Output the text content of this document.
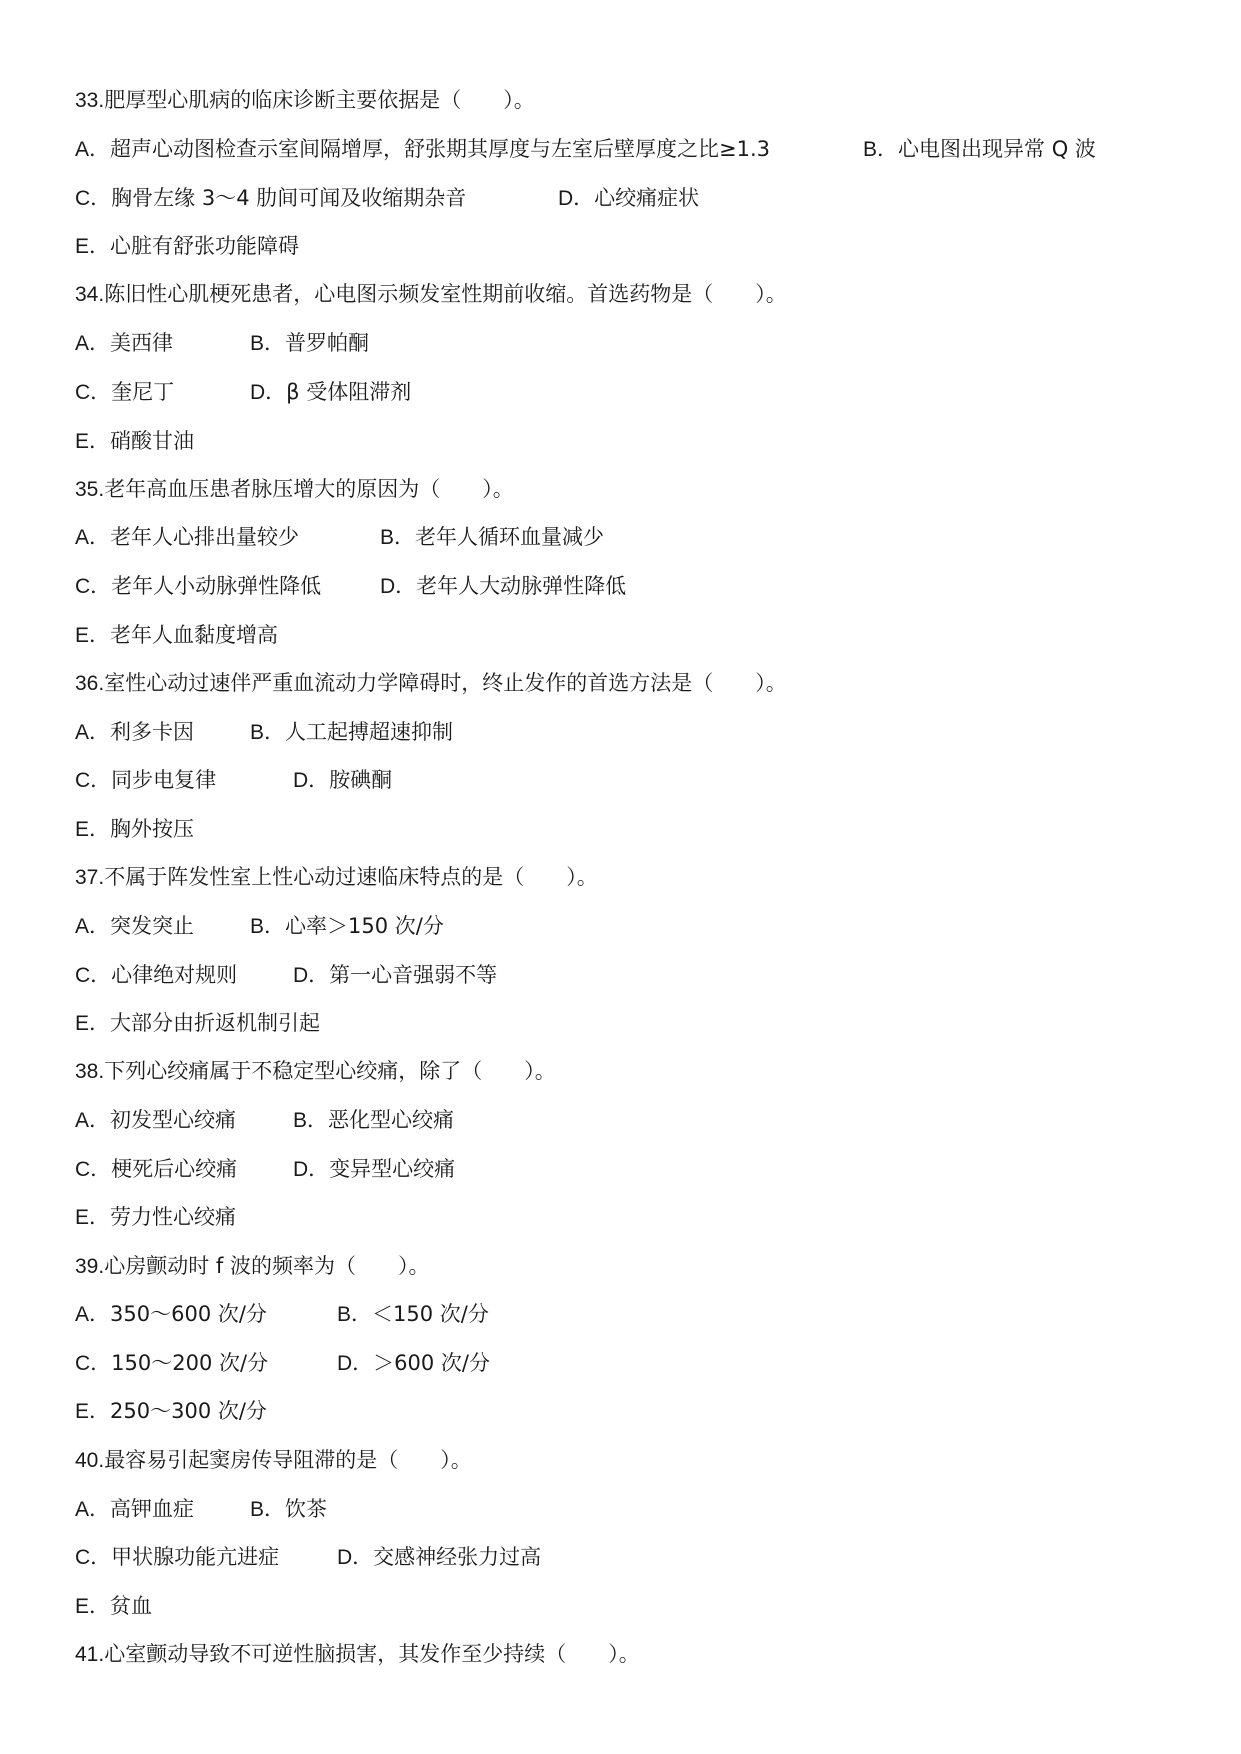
33.肥厚型心肌病的临床诊断主要依据是（　　）。
A．超声心动图检查示室间隔增厚，舒张期其厚度与左室后壁厚度之比≥1.3	B．心电图出现异常 Q 波
C．胸骨左缘 3～4 肋间可闻及收缩期杂音	D．心绞痛症状
E．心脏有舒张功能障碍
34.陈旧性心肌梗死患者，心电图示频发室性期前收缩。首选药物是（　　）。
A．美西律	B．普罗帕酮
C．奎尼丁	D．β 受体阻滞剂
E．硝酸甘油
35.老年高血压患者脉压增大的原因为（　　）。
A．老年人心排出量较少	B．老年人循环血量减少
C．老年人小动脉弹性降低	D．老年人大动脉弹性降低
E．老年人血黏度增高
36.室性心动过速伴严重血流动力学障碍时，终止发作的首选方法是（　　）。
A．利多卡因	B．人工起搏超速抑制
C．同步电复律	D．胺碘酮
E．胸外按压
37.不属于阵发性室上性心动过速临床特点的是（　　）。
A．突发突止	B．心率＞150 次/分
C．心律绝对规则	D．第一心音强弱不等
E．大部分由折返机制引起
38.下列心绞痛属于不稳定型心绞痛，除了（　　）。
A．初发型心绞痛	B．恶化型心绞痛
C．梗死后心绞痛	D．变异型心绞痛
E．劳力性心绞痛
39.心房颤动时 f 波的频率为（　　）。
A．350～600 次/分	B．＜150 次/分
C．150～200 次/分	D．＞600 次/分
E．250～300 次/分
40.最容易引起窦房传导阻滞的是（　　）。
A．高钾血症	B．饮茶
C．甲状腺功能亢进症	D．交感神经张力过高
E．贫血
41.心室颤动导致不可逆性脑损害，其发作至少持续（　　）。
